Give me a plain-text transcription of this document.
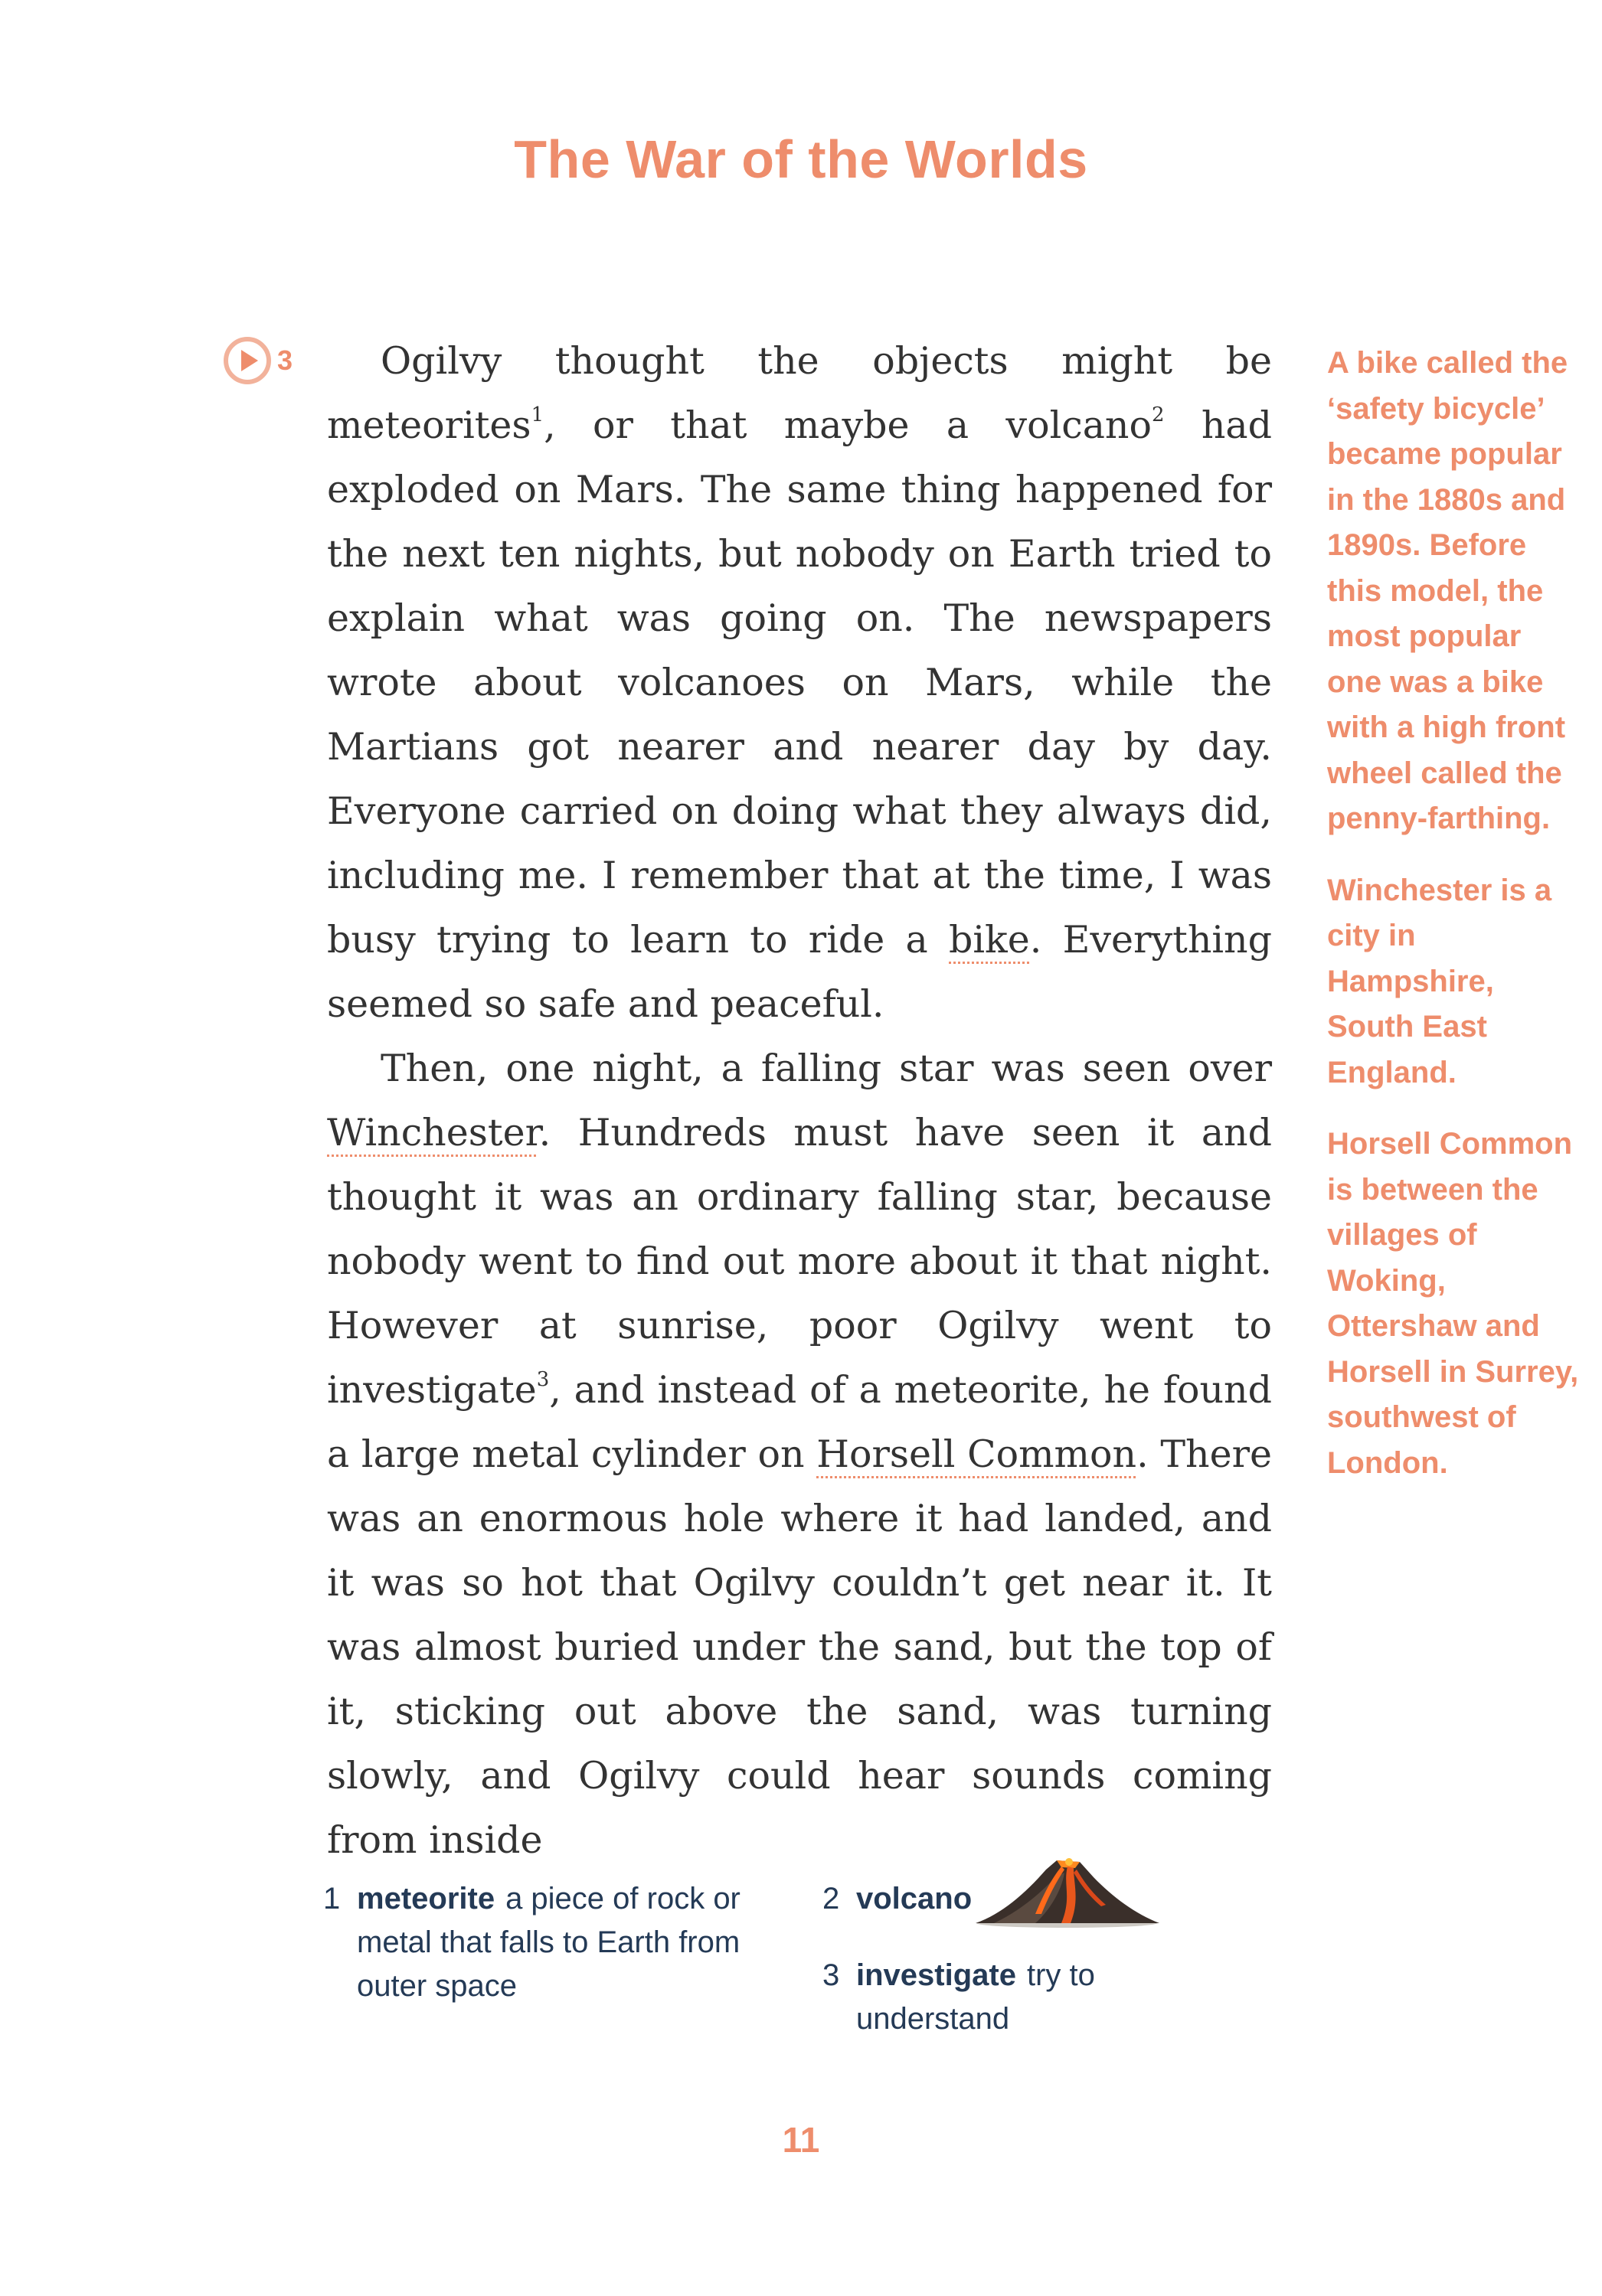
The War of the Worlds
3	Ogilvy thought the objects might be meteorites$^1$, or that maybe a volcano$^2$ had exploded on Mars. The same thing happened for the next ten nights, but nobody on Earth tried to explain what was going on. The newspapers wrote about volcanoes on Mars, while the Martians got nearer and nearer day by day. Everyone carried on doing what they always did, including me. I remember that at the time, I was busy trying to learn to ride a bike. Everything seemed so safe and peaceful.

Then, one night, a falling star was seen over Winchester. Hundreds must have seen it and thought it was an ordinary falling star, because nobody went to find out more about it that night. However at sunrise, poor Ogilvy went to investigate$^3$, and instead of a meteorite, he found a large metal cylinder on Horsell Common. There was an enormous hole where it had landed, and it was so hot that Ogilvy couldn’t get near it. It was almost buried under the sand, but the top of it, sticking out above the sand, was turning slowly, and Ogilvy could hear sounds coming from inside

A bike called the ‘safety bicycle’ became popular in the 1880s and 1890s. Before this model, the most popular one was a bike with a high front wheel called the penny-farthing.

Winchester is a city in Hampshire, South East England.

Horsell Common is between the villages of Woking, Ottershaw and Horsell in Surrey, southwest of London.

1 meteorite a piece of rock or metal that falls to Earth from outer space
2 volcano
3 investigate try to understand
11
